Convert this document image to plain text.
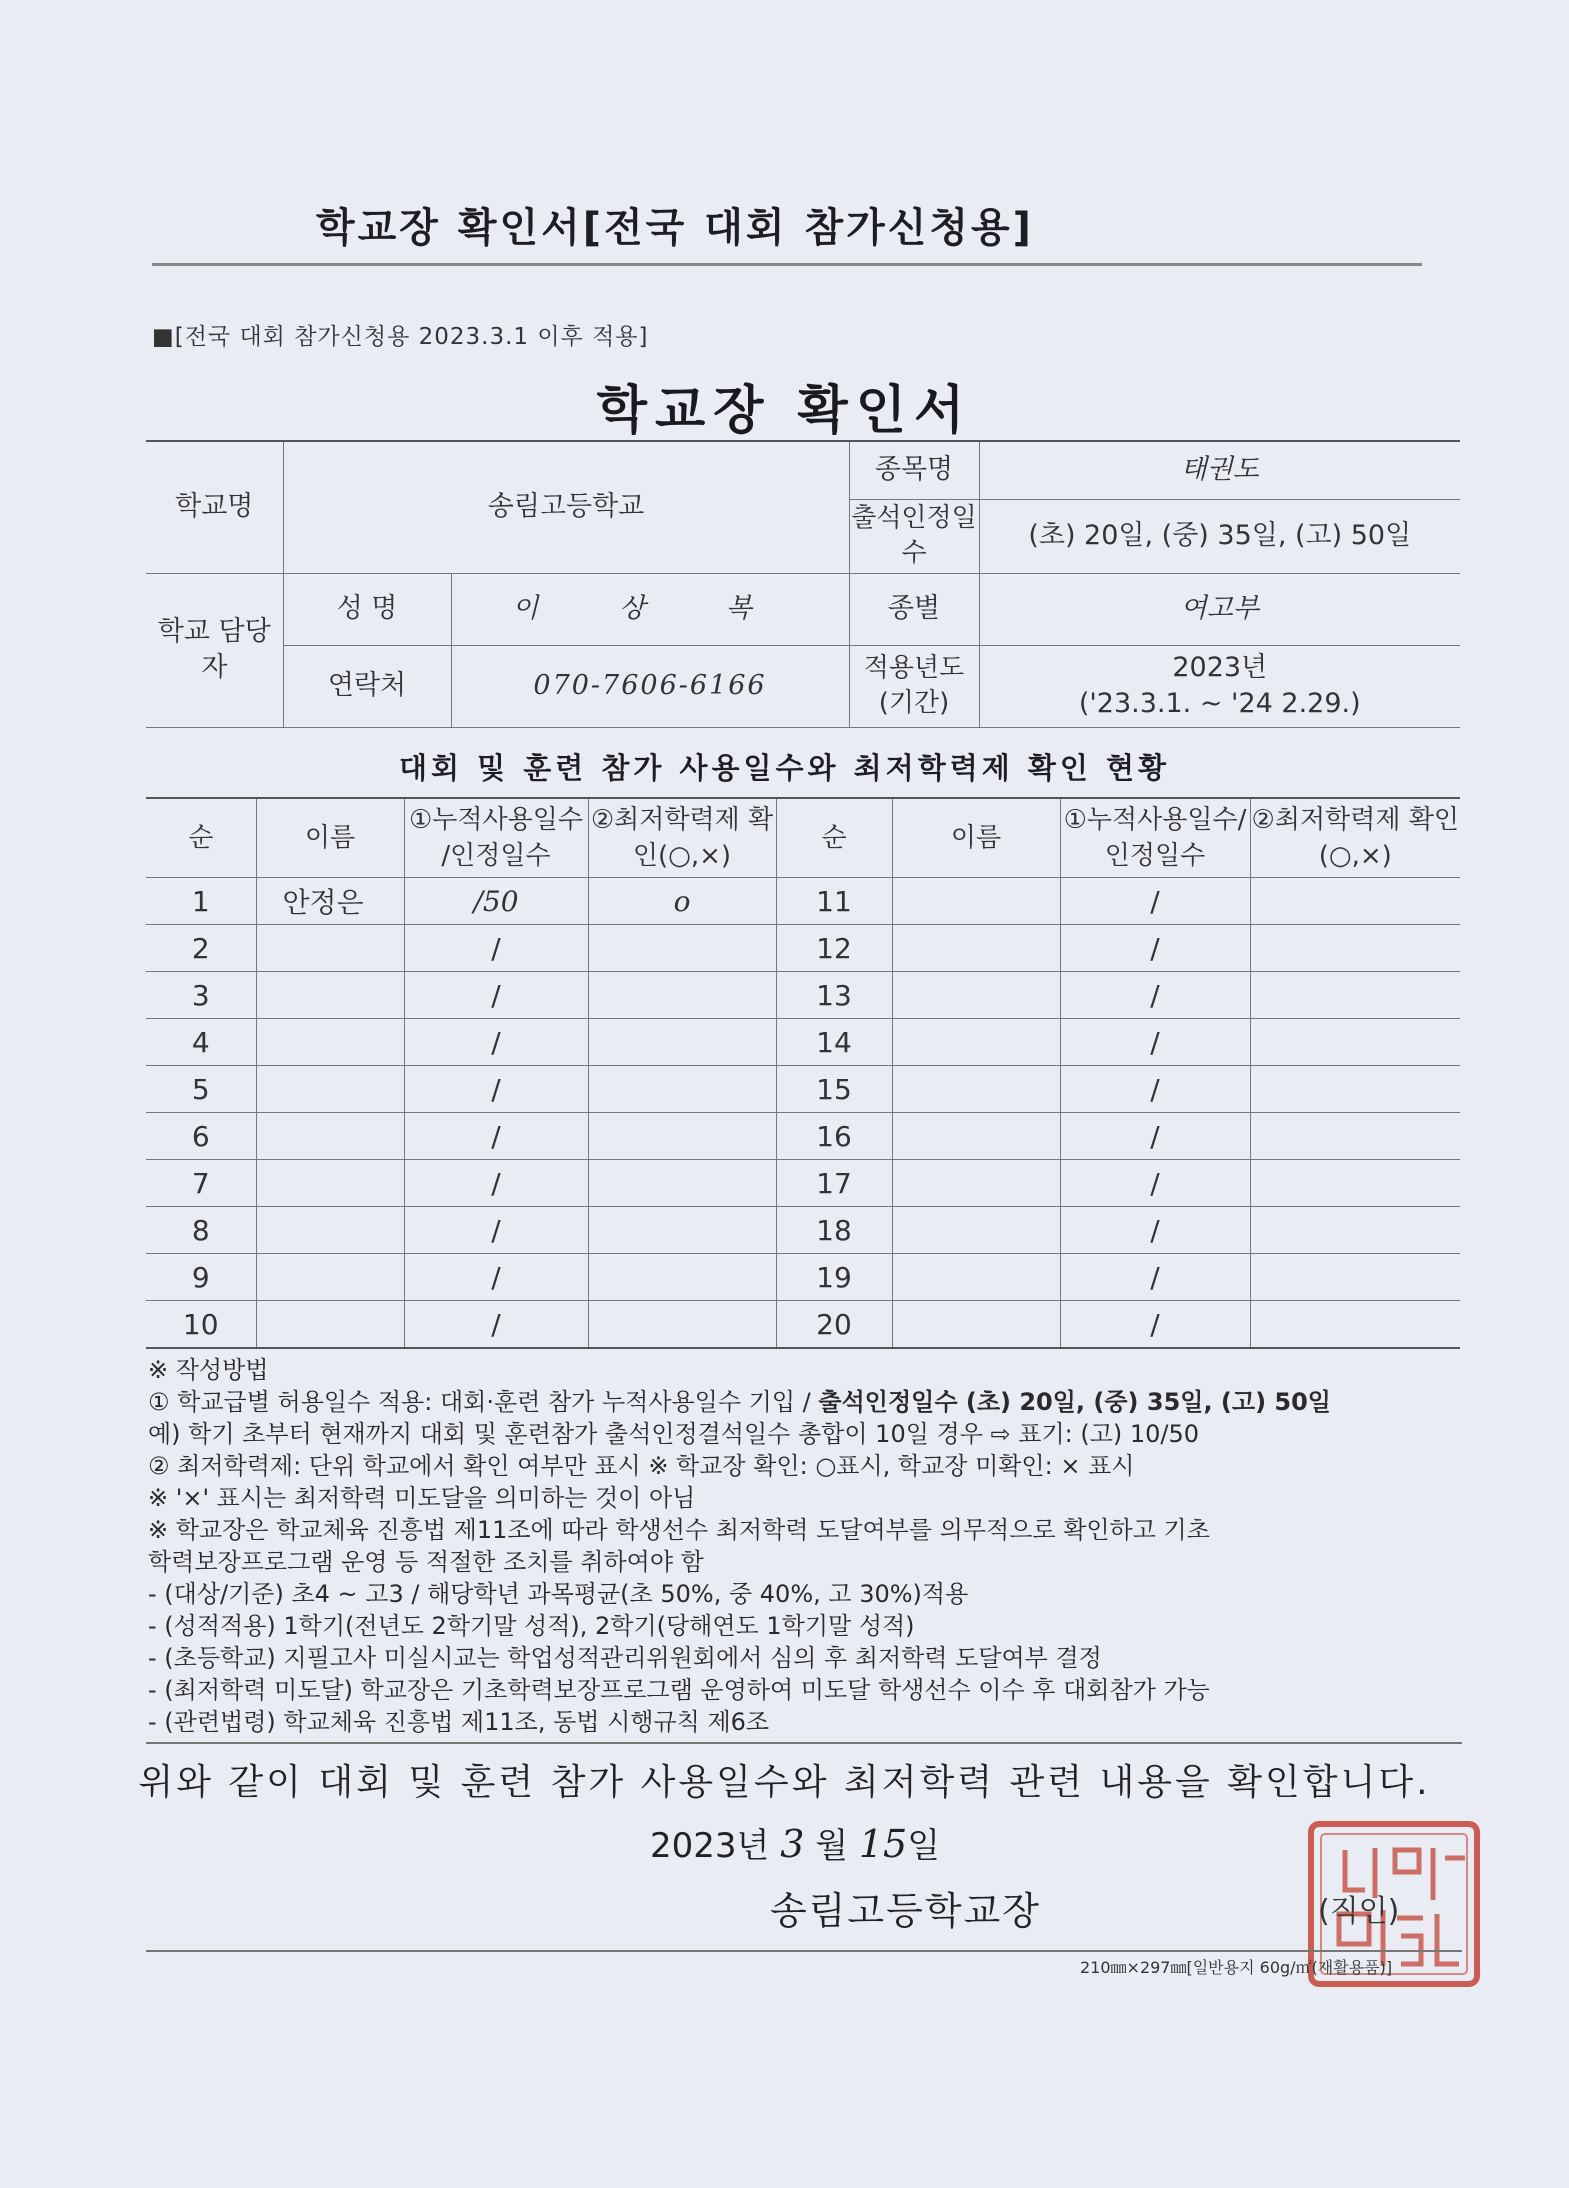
학교장 확인서[전국 대회 참가신청용]
■[전국 대회 참가신청용 2023.3.1 이후 적용]
학교장 확인서
학교명	송림고등학교		종목명	태권도
			출석인정일수	(초) 20일, (중) 35일, (고) 50일
학교 담당자	성 명	이 상 복	종별	여고부
	연락처	070-7606-6166	적용년도 (기간)	2023년
('23.3.1. ~ '24 2.29.)
대회 및 훈련 참가 사용일수와 최저학력제 확인 현황
순	이름	①누적사용일수 /인정일수	②최저학력제 확인(○,×)	순	이름	①누적사용일수/ 인정일수	②최저학력제 확인(○,×)
1	안정은	/50	o	11		/	
2		/		12		/	
3		/		13		/	
4		/		14		/	
5		/		15		/	
6		/		16		/	
7		/		17		/	
8		/		18		/	
9		/		19		/	
10		/		20		/	
※ 작성방법
① 학교급별 허용일수 적용: 대회·훈련 참가 누적사용일수 기입 / 출석인정일수 (초) 20일, (중) 35일, (고) 50일
예) 학기 초부터 현재까지 대회 및 훈련참가 출석인정결석일수 총합이 10일 경우 ⇨ 표기: (고) 10/50
② 최저학력제: 단위 학교에서 확인 여부만 표시 ※ 학교장 확인: ○표시, 학교장 미확인: × 표시
※ '×' 표시는 최저학력 미도달을 의미하는 것이 아님
※ 학교장은 학교체육 진흥법 제11조에 따라 학생선수 최저학력 도달여부를 의무적으로 확인하고 기초
학력보장프로그램 운영 등 적절한 조치를 취하여야 함
- (대상/기준) 초4 ~ 고3 / 해당학년 과목평균(초 50%, 중 40%, 고 30%)적용
- (성적적용) 1학기(전년도 2학기말 성적), 2학기(당해연도 1학기말 성적)
- (초등학교) 지필고사 미실시교는 학업성적관리위원회에서 심의 후 최저학력 도달여부 결정
- (최저학력 미도달) 학교장은 기초학력보장프로그램 운영하여 미도달 학생선수 이수 후 대회참가 가능
- (관련법령) 학교체육 진흥법 제11조, 동법 시행규칙 제6조
위와 같이 대회 및 훈련 참가 사용일수와 최저학력 관련 내용을 확인합니다.
2023년 3 월 15일
송림고등학교장	(직인)
210㎜×297㎜[일반용지 60g/㎡(재활용품)]
